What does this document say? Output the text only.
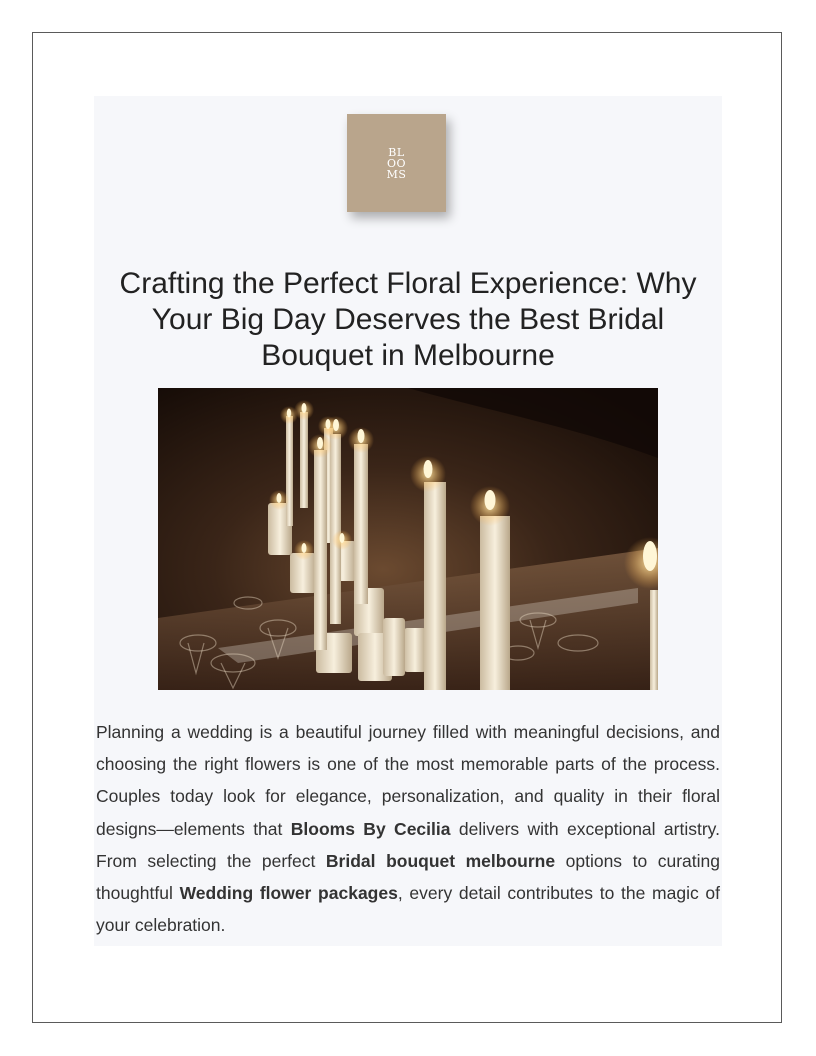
BL
OO
MS
Crafting the Perfect Floral Experience: Why Your Big Day Deserves the Best Bridal Bouquet in Melbourne

Planning a wedding is a beautiful journey filled with meaningful decisions, and choosing the right flowers is one of the most memorable parts of the process. Couples today look for elegance, personalization, and quality in their floral designs—elements that Blooms By Cecilia delivers with exceptional artistry. From selecting the perfect Bridal bouquet melbourne options to curating thoughtful Wedding flower packages, every detail contributes to the magic of your celebration.
